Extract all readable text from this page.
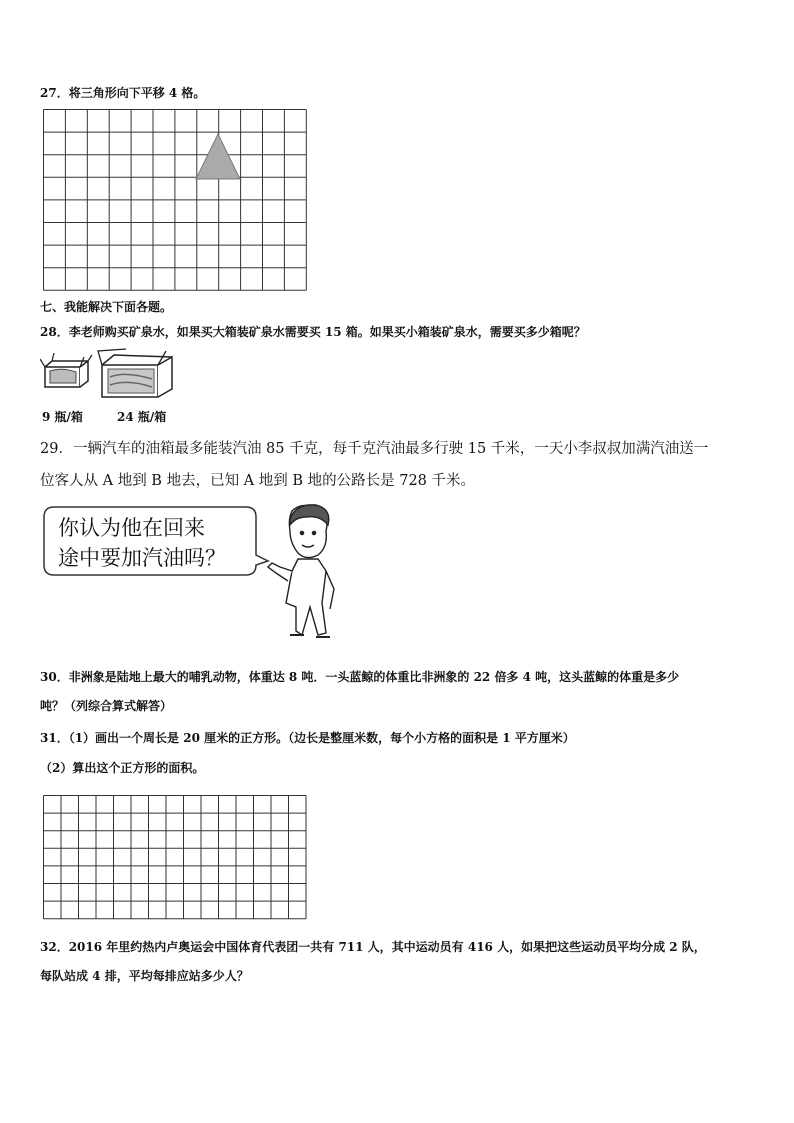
27．将三角形向下平移 4 格。
七、我能解决下面各题。
28．李老师购买矿泉水，如果买大箱装矿泉水需要买 15 箱。如果买小箱装矿泉水，需要买多少箱呢？
9 瓶/箱	24 瓶/箱
29．一辆汽车的油箱最多能装汽油 85 千克，每千克汽油最多行驶 15 千米，一天小李叔叔加满汽油送一
位客人从 A 地到 B 地去，已知 A 地到 B 地的公路长是 728 千米。
你认为他在回来
途中要加汽油吗？
30．非洲象是陆地上最大的哺乳动物，体重达 8 吨．一头蓝鲸的体重比非洲象的 22 倍多 4 吨，这头蓝鲸的体重是多少
吨？（列综合算式解答）
31．（1）画出一个周长是 20 厘米的正方形。（边长是整厘米数，每个小方格的面积是 1 平方厘米）
（2）算出这个正方形的面积。
32．2016 年里约热内卢奥运会中国体育代表团一共有 711 人，其中运动员有 416 人，如果把这些运动员平均分成 2 队，
每队站成 4 排，平均每排应站多少人？
